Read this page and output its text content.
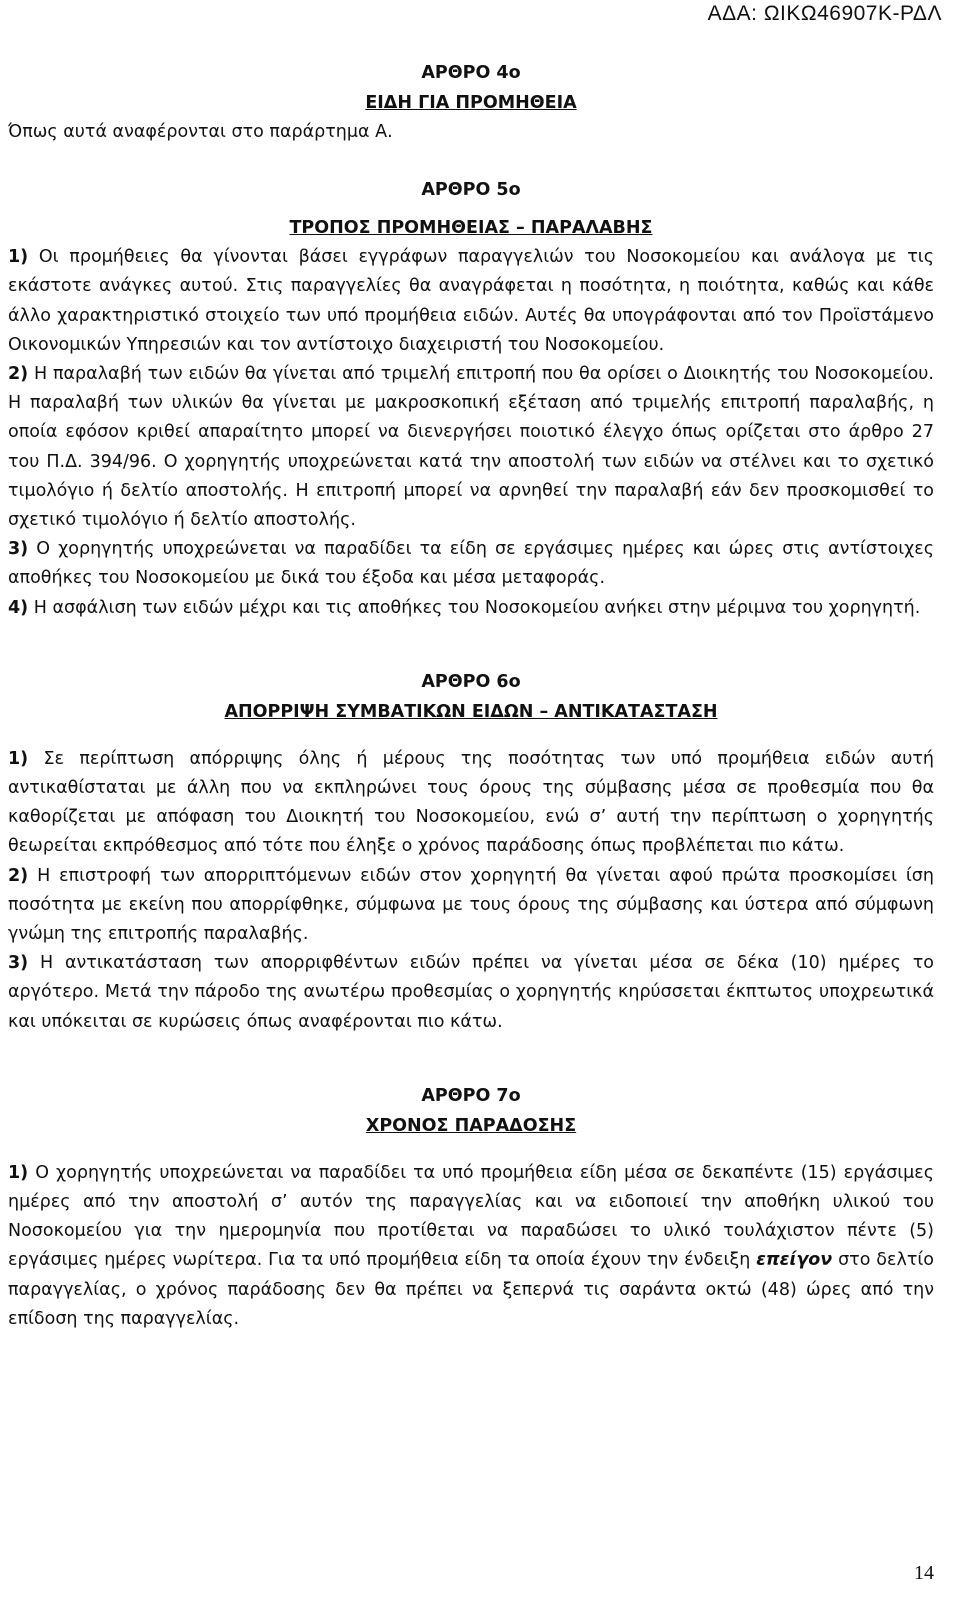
ΑΔΑ: ΩΙΚΩ46907Κ-ΡΔΛ
ΑΡΘΡΟ 4ο
ΕΙΔΗ ΓΙΑ ΠΡΟΜΗΘΕΙΑ

Όπως αυτά αναφέρονται στο παράρτημα Α.

ΑΡΘΡΟ 5ο
ΤΡΟΠΟΣ ΠΡΟΜΗΘΕΙΑΣ – ΠΑΡΑΛΑΒΗΣ

1) Οι προμήθειες θα γίνονται βάσει εγγράφων παραγγελιών του Νοσοκομείου και ανάλογα με τις εκάστοτε ανάγκες αυτού. Στις παραγγελίες θα αναγράφεται η ποσότητα, η ποιότητα, καθώς και κάθε άλλο χαρακτηριστικό στοιχείο των υπό προμήθεια ειδών. Αυτές θα υπογράφονται από τον Προϊστάμενο Οικονομικών Υπηρεσιών και τον αντίστοιχο διαχειριστή του Νοσοκομείου.

2) Η παραλαβή των ειδών θα γίνεται από τριμελή επιτροπή που θα ορίσει ο Διοικητής του Νοσοκομείου. Η παραλαβή των υλικών θα γίνεται με μακροσκοπική εξέταση από τριμελής επιτροπή παραλαβής, η οποία εφόσον κριθεί απαραίτητο μπορεί να διενεργήσει ποιοτικό έλεγχο όπως ορίζεται στο άρθρο 27 του Π.Δ. 394/96. Ο χορηγητής υποχρεώνεται κατά την αποστολή των ειδών να στέλνει και το σχετικό τιμολόγιο ή δελτίο αποστολής. Η επιτροπή μπορεί να αρνηθεί την παραλαβή εάν δεν προσκομισθεί το σχετικό τιμολόγιο ή δελτίο αποστολής.

3) Ο χορηγητής υποχρεώνεται να παραδίδει τα είδη σε εργάσιμες ημέρες και ώρες στις αντίστοιχες αποθήκες του Νοσοκομείου με δικά του έξοδα και μέσα μεταφοράς.

4) Η ασφάλιση των ειδών μέχρι και τις αποθήκες του Νοσοκομείου ανήκει στην μέριμνα του χορηγητή.

ΑΡΘΡΟ 6ο
ΑΠΟΡΡΙΨΗ ΣΥΜΒΑΤΙΚΩΝ ΕΙΔΩΝ – ΑΝΤΙΚΑΤΑΣΤΑΣΗ

1) Σε περίπτωση απόρριψης όλης ή μέρους της ποσότητας των υπό προμήθεια ειδών αυτή αντικαθίσταται με άλλη που να εκπληρώνει τους όρους της σύμβασης μέσα σε προθεσμία που θα καθορίζεται με απόφαση του Διοικητή του Νοσοκομείου, ενώ σ’ αυτή την περίπτωση ο χορηγητής θεωρείται εκπρόθεσμος από τότε που έληξε ο χρόνος παράδοσης όπως προβλέπεται πιο κάτω.

2) Η επιστροφή των απορριπτόμενων ειδών στον χορηγητή θα γίνεται αφού πρώτα προσκομίσει ίση ποσότητα με εκείνη που απορρίφθηκε, σύμφωνα με τους όρους της σύμβασης και ύστερα από σύμφωνη γνώμη της επιτροπής παραλαβής.

3) Η αντικατάσταση των απορριφθέντων ειδών πρέπει να γίνεται μέσα σε δέκα (10) ημέρες το αργότερο. Μετά την πάροδο της ανωτέρω προθεσμίας ο χορηγητής κηρύσσεται έκπτωτος υποχρεωτικά και υπόκειται σε κυρώσεις όπως αναφέρονται πιο κάτω.

ΑΡΘΡΟ 7ο
ΧΡΟΝΟΣ ΠΑΡΑΔΟΣΗΣ

1) Ο χορηγητής υποχρεώνεται να παραδίδει τα υπό προμήθεια είδη μέσα σε δεκαπέντε (15) εργάσιμες ημέρες από την αποστολή σ’ αυτόν της παραγγελίας και να ειδοποιεί την αποθήκη υλικού του Νοσοκομείου για την ημερομηνία που προτίθεται να παραδώσει το υλικό τουλάχιστον πέντε (5) εργάσιμες ημέρες νωρίτερα. Για τα υπό προμήθεια είδη τα οποία έχουν την ένδειξη επείγον στο δελτίο παραγγελίας, ο χρόνος παράδοσης δεν θα πρέπει να ξεπερνά τις σαράντα οκτώ (48) ώρες από την επίδοση της παραγγελίας.

14
